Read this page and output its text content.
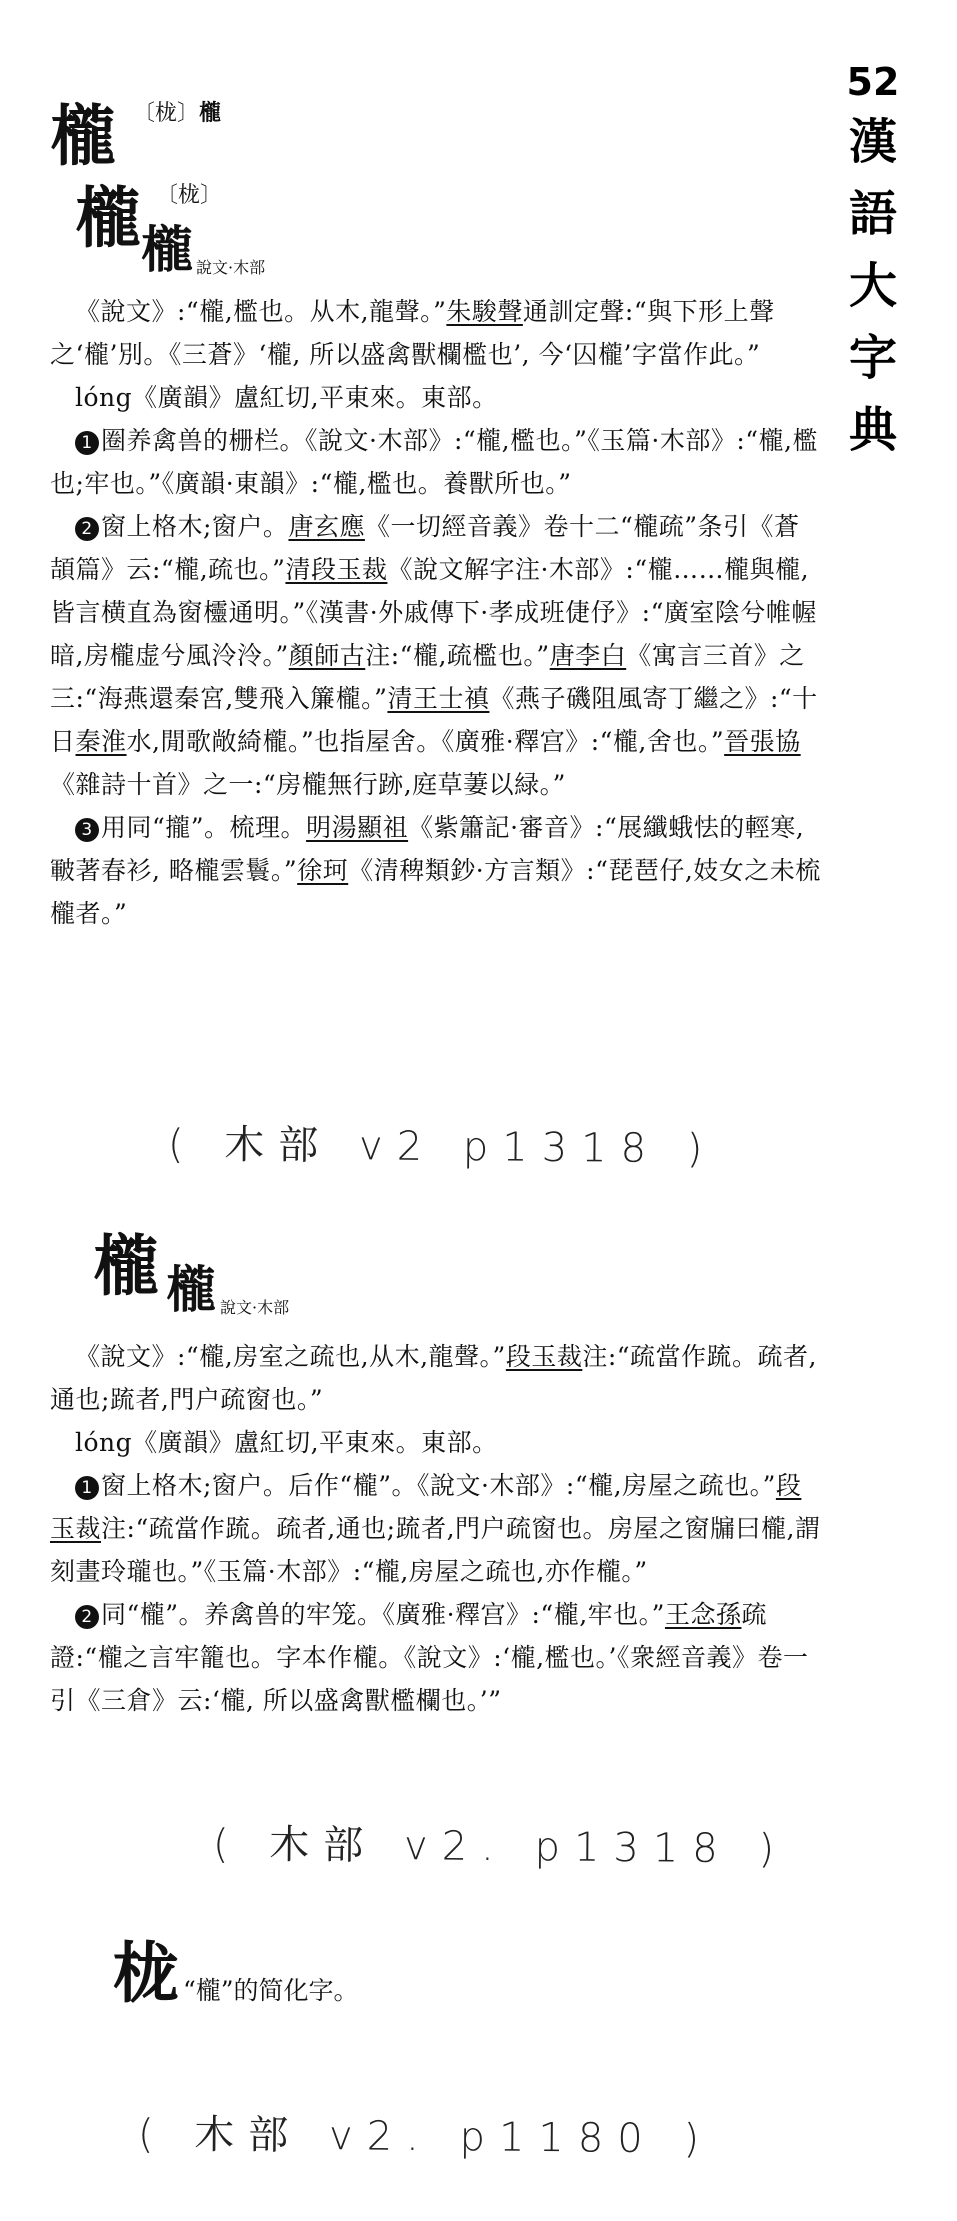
52
漢
語
大
字
典
櫳 〔栊〕櫳
櫳 〔栊〕
櫳 說文·木部

《說文》:“櫳,檻也。从木,龍聲。”朱駿聲通訓定聲:“與下形上聲之‘櫳’別。《三蒼》‘櫳, 所以盛禽獸欄檻也’, 今‘囚櫳’字當作此。”

lóng《廣韻》盧紅切,平東來。東部。

1 圈养禽兽的栅栏。《說文·木部》:“櫳,檻也。”《玉篇·木部》:“櫳,檻也;牢也。”《廣韻·東韻》:“櫳,檻也。養獸所也。”

2 窗上格木;窗户。唐玄應《一切經音義》卷十二“櫳疏”条引《蒼頡篇》云:“櫳,疏也。”清段玉裁《說文解字注·木部》:“櫳……櫳與櫳,皆言横直為窗欞通明。”《漢書·外戚傳下·孝成班倢伃》:“廣室陰兮帷幄暗,房櫳虚兮風泠泠。”顏師古注:“櫳,疏檻也。”唐李白《寓言三首》之三:“海燕還秦宮,雙飛入簾櫳。”清王士禛《燕子磯阻風寄丁繼之》:“十日秦淮水,閒歌敞綺櫳。”也指屋舍。《廣雅·釋宫》:“櫳,舍也。”晉張協《雜詩十首》之一:“房櫳無行跡,庭草萋以緑。”

3 用同“攏”。梳理。明湯顯祖《紫簫記·審音》:“展纖蛾怯的輕寒,皸著春衫, 略櫳雲鬟。”徐珂《清稗類鈔·方言類》:“琵琶仔,妓女之未梳櫳者。”

( 木部 v2 p1318 )
櫳 櫳 說文·木部

《說文》:“櫳,房室之疏也,从木,龍聲。”段玉裁注:“疏當作䟽。疏者,通也;䟽者,門户疏窗也。”

lóng《廣韻》盧紅切,平東來。東部。

1 窗上格木;窗户。后作“櫳”。《說文·木部》:“櫳,房屋之疏也。”段玉裁注:“疏當作䟽。疏者,通也;䟽者,門户疏窗也。房屋之窗牖曰櫳,謂刻畫玲瓏也。”《玉篇·木部》:“櫳,房屋之疏也,亦作櫳。”

2 同“櫳”。养禽兽的牢笼。《廣雅·釋宫》:“櫳,牢也。”王念孫疏證:“櫳之言牢籠也。字本作櫳。《說文》:‘櫳,檻也。’《衆經音義》卷一引《三倉》云:‘櫳, 所以盛禽獸檻欄也。’”

( 木部 v2. p1318 )
栊 “櫳”的简化字。
( 木部 v2. p1180 )
